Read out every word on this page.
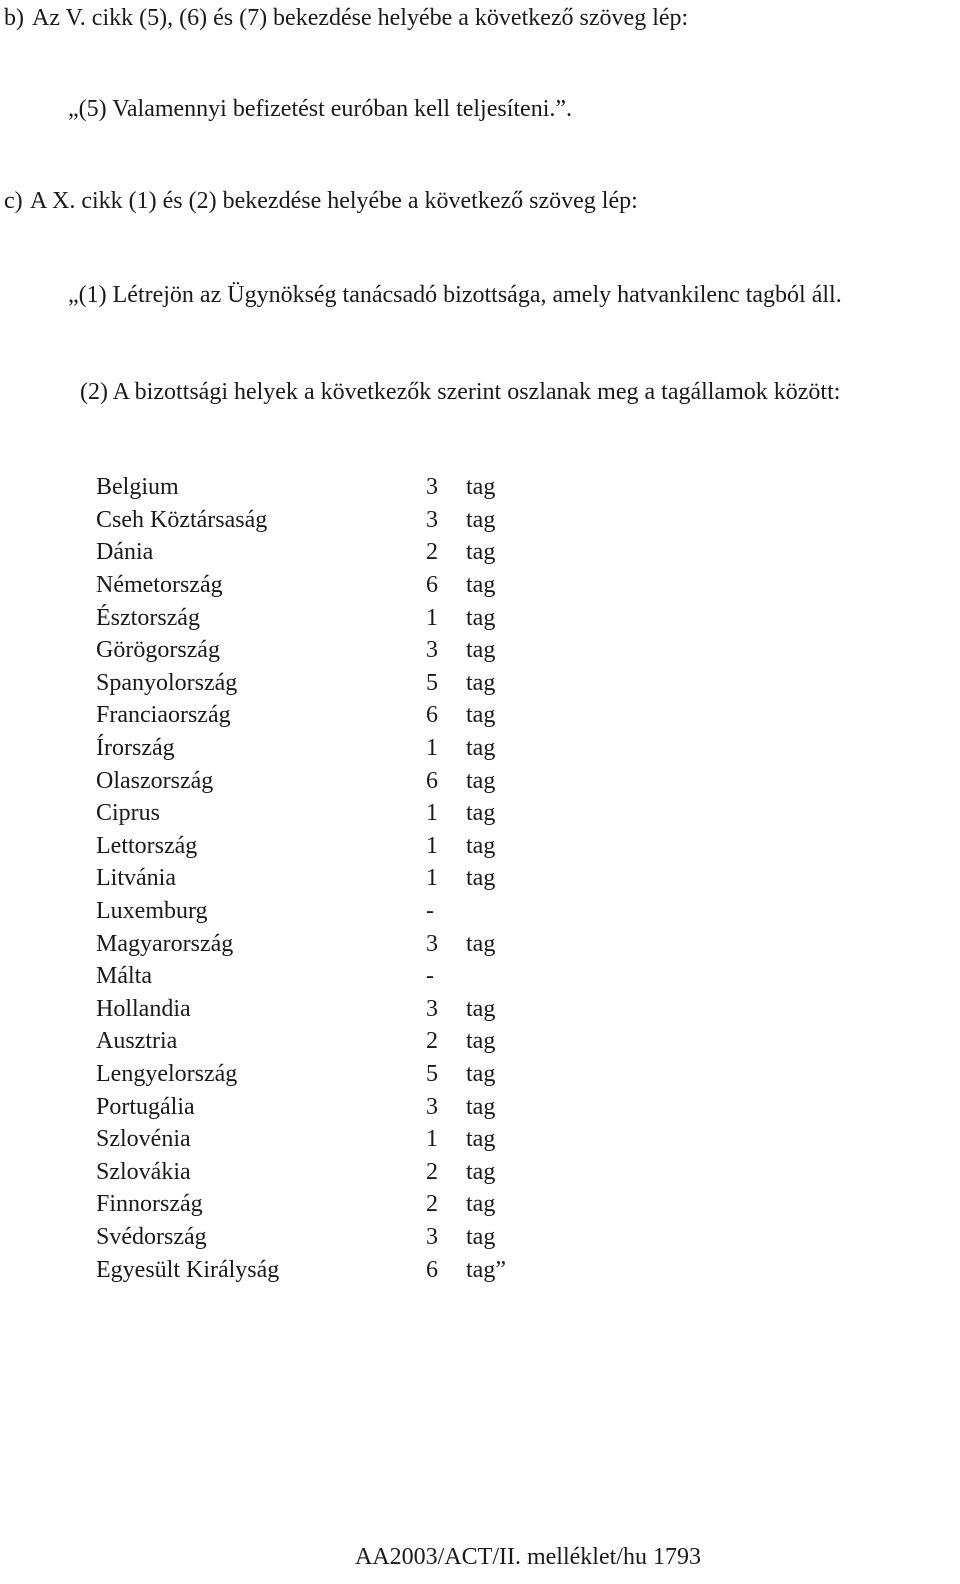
b) Az V. cikk (5), (6) és (7) bekezdése helyébe a következő szöveg lép:
„(5) Valamennyi befizetést euróban kell teljesíteni.”.
c) A X. cikk (1) és (2) bekezdése helyébe a következő szöveg lép:
„(1) Létrejön az Ügynökség tanácsadó bizottsága, amely hatvankilenc tagból áll.
(2) A bizottsági helyek a következők szerint oszlanak meg a tagállamok között:
Belgium	3	tag
Cseh Köztársaság	3	tag
Dánia	2	tag
Németország	6	tag
Észtország	1	tag
Görögország	3	tag
Spanyolország	5	tag
Franciaország	6	tag
Írország	1	tag
Olaszország	6	tag
Ciprus	1	tag
Lettország	1	tag
Litvánia	1	tag
Luxemburg	-	
Magyarország	3	tag
Málta	-	
Hollandia	3	tag
Ausztria	2	tag
Lengyelország	5	tag
Portugália	3	tag
Szlovénia	1	tag
Szlovákia	2	tag
Finnország	2	tag
Svédország	3	tag
Egyesült Királyság	6	tag”
AA2003/ACT/II. melléklet/hu 1793
